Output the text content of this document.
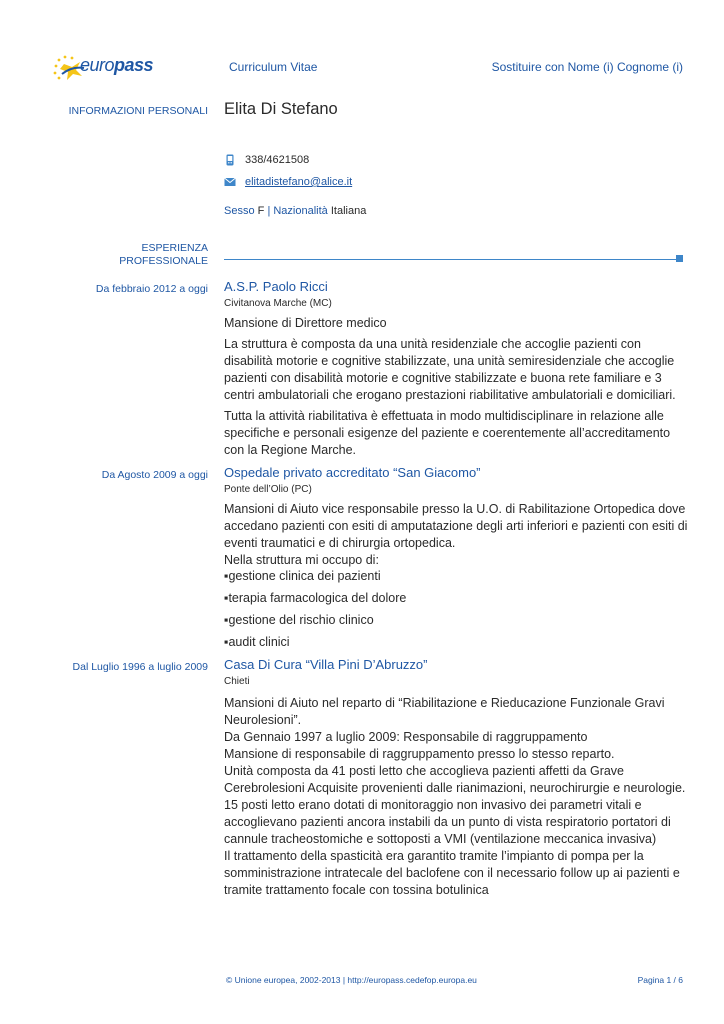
europass	Curriculum Vitae	Sostituire con Nome (i) Cognome (i)
INFORMAZIONI PERSONALI Elita Di Stefano
338/4621508
elitadistefano@alice.it
Sesso F | Nazionalità Italiana
ESPERIENZA
PROFESSIONALE
Da febbraio 2012 a oggi A.S.P. Paolo Ricci
Civitanova Marche (MC)
Mansione di Direttore medico

La struttura è composta da una unità residenziale che accoglie pazienti con disabilità motorie e cognitive stabilizzate, una unità semiresidenziale che accoglie pazienti con disabilità motorie e cognitive stabilizzate e buona rete familiare e 3 centri ambulatoriali che erogano prestazioni riabilitative ambulatoriali e domiciliari.

Tutta la attività riabilitativa è effettuata in modo multidisciplinare in relazione alle specifiche e personali esigenze del paziente e coerentemente all’accreditamento con la Regione Marche.

Da Agosto 2009 a oggi Ospedale privato accreditato “San Giacomo”
Ponte dell’Olio (PC)

Mansioni di Aiuto vice responsabile presso la U.O. di Rabilitazione Ortopedica dove accedano pazienti con esiti di amputatazione degli arti inferiori e pazienti con esiti di eventi traumatici e di chirurgia ortopedica.

Nella struttura mi occupo di:

▪gestione clinica dei pazienti
▪terapia farmacologica del dolore
▪gestione del rischio clinico
▪audit clinici
Dal Luglio 1996 a luglio 2009 Casa Di Cura “Villa Pini D’Abruzzo”
Chieti

Mansioni di Aiuto nel reparto di “Riabilitazione e Rieducazione Funzionale Gravi Neurolesioni”.

Da Gennaio 1997 a luglio 2009: Responsabile di raggruppamento

Mansione di responsabile di raggruppamento presso lo stesso reparto.

Unità composta da 41 posti letto che accoglieva pazienti affetti da Grave Cerebrolesioni Acquisite provenienti dalle rianimazioni, neurochirurgie e neurologie.

15 posti letto erano dotati di monitoraggio non invasivo dei parametri vitali e accoglievano pazienti ancora instabili da un punto di vista respiratorio portatori di cannule tracheostomiche e sottoposti a VMI (ventilazione meccanica invasiva)

Il trattamento della spasticità era garantito tramite l’impianto di pompa per la somministrazione intratecale del baclofene con il necessario follow up ai pazienti e tramite trattamento focale con tossina botulinica

© Unione europea, 2002-2013 | http://europass.cedefop.europa.eu	Pagina 1 / 6
